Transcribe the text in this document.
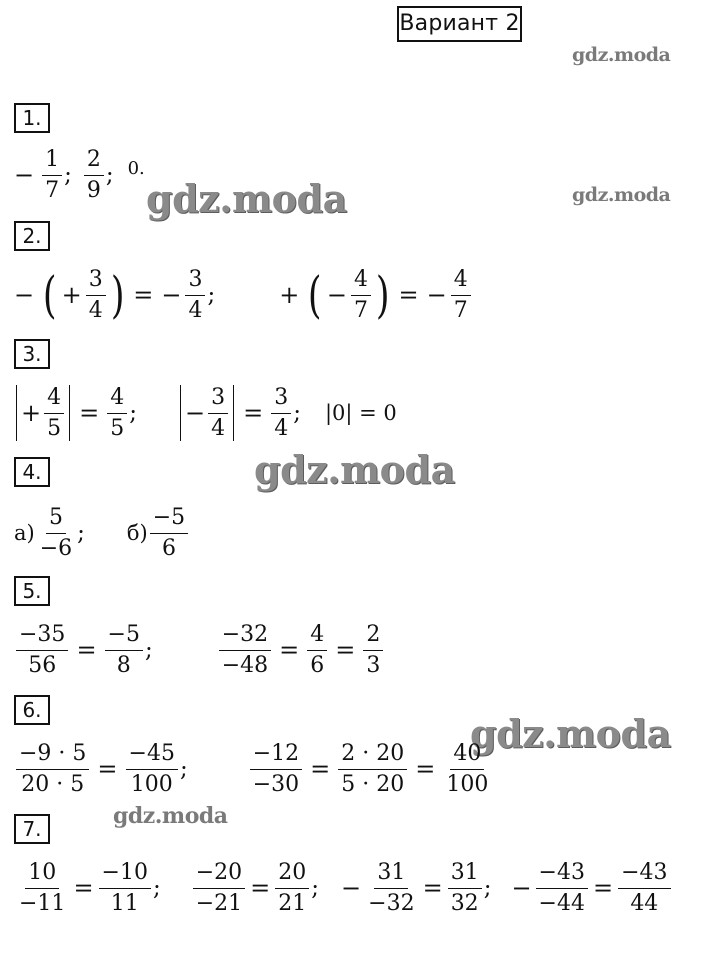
Вариант 2
gdz.moda
gdz.moda
gdz.moda
gdz.moda
gdz.moda
gdz.moda
1.
− $\frac{1}{7}$ ; $\frac{2}{9}$ ; 0.
2.
− ( + $\frac{3}{4}$ ) = − $\frac{3}{4}$ ;	+ ( − $\frac{4}{7}$ ) = − $\frac{4}{7}$
3.
+ $\frac{4}{5} = \frac{4}{5}$ ; − $\frac{3}{4} = \frac{3}{4}$ ; |0| = 0
4.
$а) \frac{5}{-6}$ ; $б) \frac{-5}{6}$
5.
$\frac{-35}{56} = \frac{-5}{8}$ ;	$\frac{-32}{-48} = \frac{4}{6} = \frac{2}{3}$
6.
$\frac{-9 \cdot 5}{20 \cdot 5} = \frac{-45}{100}$ ;	$\frac{-12}{-30} = \frac{2 \cdot 20}{5 \cdot 20} = \frac{40}{100}$
7.
$\frac{10}{-11} = \frac{-10}{11}$ ; $\frac{-20}{-21} = \frac{20}{21}$ ; − $\frac{31}{-32} = \frac{31}{32}$ ; − $\frac{-43}{-44} = \frac{-43}{44}$
